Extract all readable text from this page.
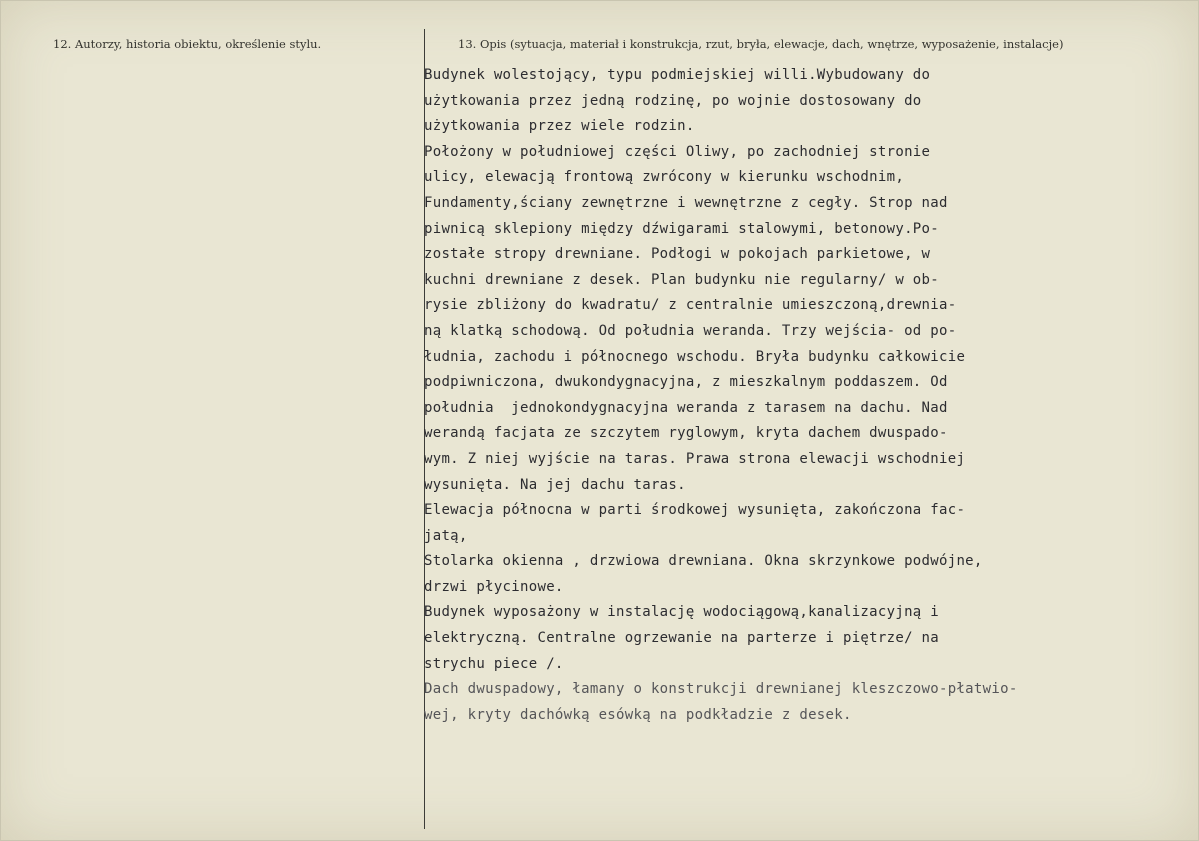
12. Autorzy, historia obiektu, określenie stylu.	13. Opis (sytuacja, materiał i konstrukcja, rzut, bryła, elewacje, dach, wnętrze, wyposażenie, instalacje)
Budynek wolestojący, typu podmiejskiej willi.Wybudowany do
użytkowania przez jedną rodzinę, po wojnie dostosowany do
użytkowania przez wiele rodzin.
Położony w południowej części Oliwy, po zachodniej stronie
ulicy, elewacją frontową zwrócony w kierunku wschodnim,
Fundamenty,ściany zewnętrzne i wewnętrzne z cegły. Strop nad
piwnicą sklepiony między dźwigarami stalowymi, betonowy.Po-
zostałe stropy drewniane. Podłogi w pokojach parkietowe, w
kuchni drewniane z desek. Plan budynku nie regularny/ w ob-
rysie zbliżony do kwadratu/ z centralnie umieszczoną,drewnia-
ną klatką schodową. Od południa weranda. Trzy wejścia- od po-
łudnia, zachodu i północnego wschodu. Bryła budynku całkowicie
podpiwniczona, dwukondygnacyjna, z mieszkalnym poddaszem. Od
południa  jednokondygnacyjna weranda z tarasem na dachu. Nad
werandą facjata ze szczytem ryglowym, kryta dachem dwuspado-
wym. Z niej wyjście na taras. Prawa strona elewacji wschodniej
wysunięta. Na jej dachu taras.
Elewacja północna w parti środkowej wysunięta, zakończona fac-
jatą,
Stolarka okienna , drzwiowa drewniana. Okna skrzynkowe podwójne,
drzwi płycinowe.
Budynek wyposażony w instalację wodociągową,kanalizacyjną i
elektryczną. Centralne ogrzewanie na parterze i piętrze/ na
strychu piece /.
Dach dwuspadowy, łamany o konstrukcji drewnianej kleszczowo-płatwio-
wej, kryty dachówką esówką na podkładzie z desek.
